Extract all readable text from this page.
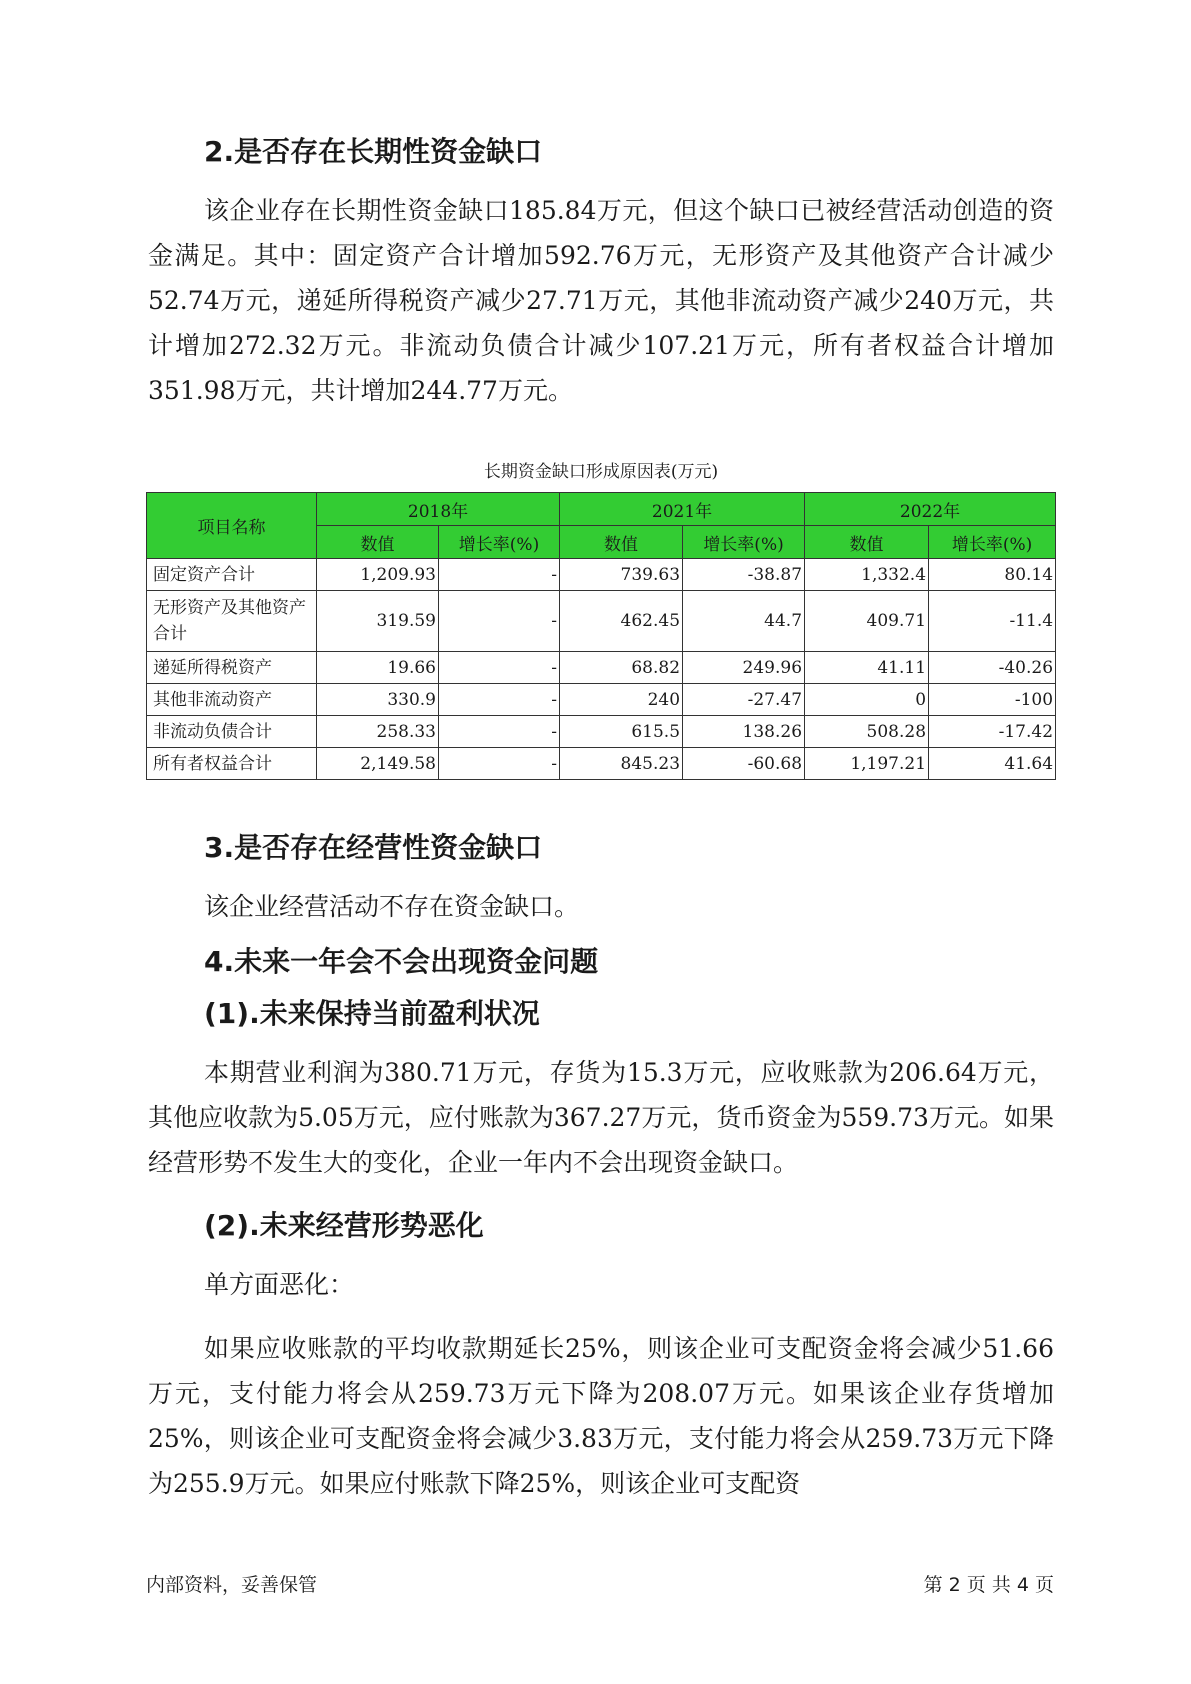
2.是否存在长期性资金缺口

该企业存在长期性资金缺口185.84万元，但这个缺口已被经营活动创造的资金满足。其中：固定资产合计增加592.76万元，无形资产及其他资产合计减少52.74万元，递延所得税资产减少27.71万元，其他非流动资产减少240万元，共计增加272.32万元。非流动负债合计减少107.21万元，所有者权益合计增加351.98万元，共计增加244.77万元。

长期资金缺口形成原因表(万元)
项目名称	2018年		2021年		2022年	
	数值	增长率(%)	数值	增长率(%)	数值	增长率(%)
固定资产合计	1,209.93	-	739.63	-38.87	1,332.4	80.14
无形资产及其他资产合计	319.59	-	462.45	44.7	409.71	-11.4
递延所得税资产	19.66	-	68.82	249.96	41.11	-40.26
其他非流动资产	330.9	-	240	-27.47	0	-100
非流动负债合计	258.33	-	615.5	138.26	508.28	-17.42
所有者权益合计	2,149.58	-	845.23	-60.68	1,197.21	41.64
3.是否存在经营性资金缺口

该企业经营活动不存在资金缺口。

4.未来一年会不会出现资金问题
(1).未来保持当前盈利状况

本期营业利润为380.71万元，存货为15.3万元，应收账款为206.64万元，其他应收款为5.05万元，应付账款为367.27万元，货币资金为559.73万元。如果经营形势不发生大的变化，企业一年内不会出现资金缺口。

(2).未来经营形势恶化

单方面恶化：

如果应收账款的平均收款期延长25%，则该企业可支配资金将会减少51.66万元，支付能力将会从259.73万元下降为208.07万元。如果该企业存货增加25%，则该企业可支配资金将会减少3.83万元，支付能力将会从259.73万元下降为255.9万元。如果应付账款下降25%，则该企业可支配资

内部资料，妥善保管	第 2 页 共 4 页
